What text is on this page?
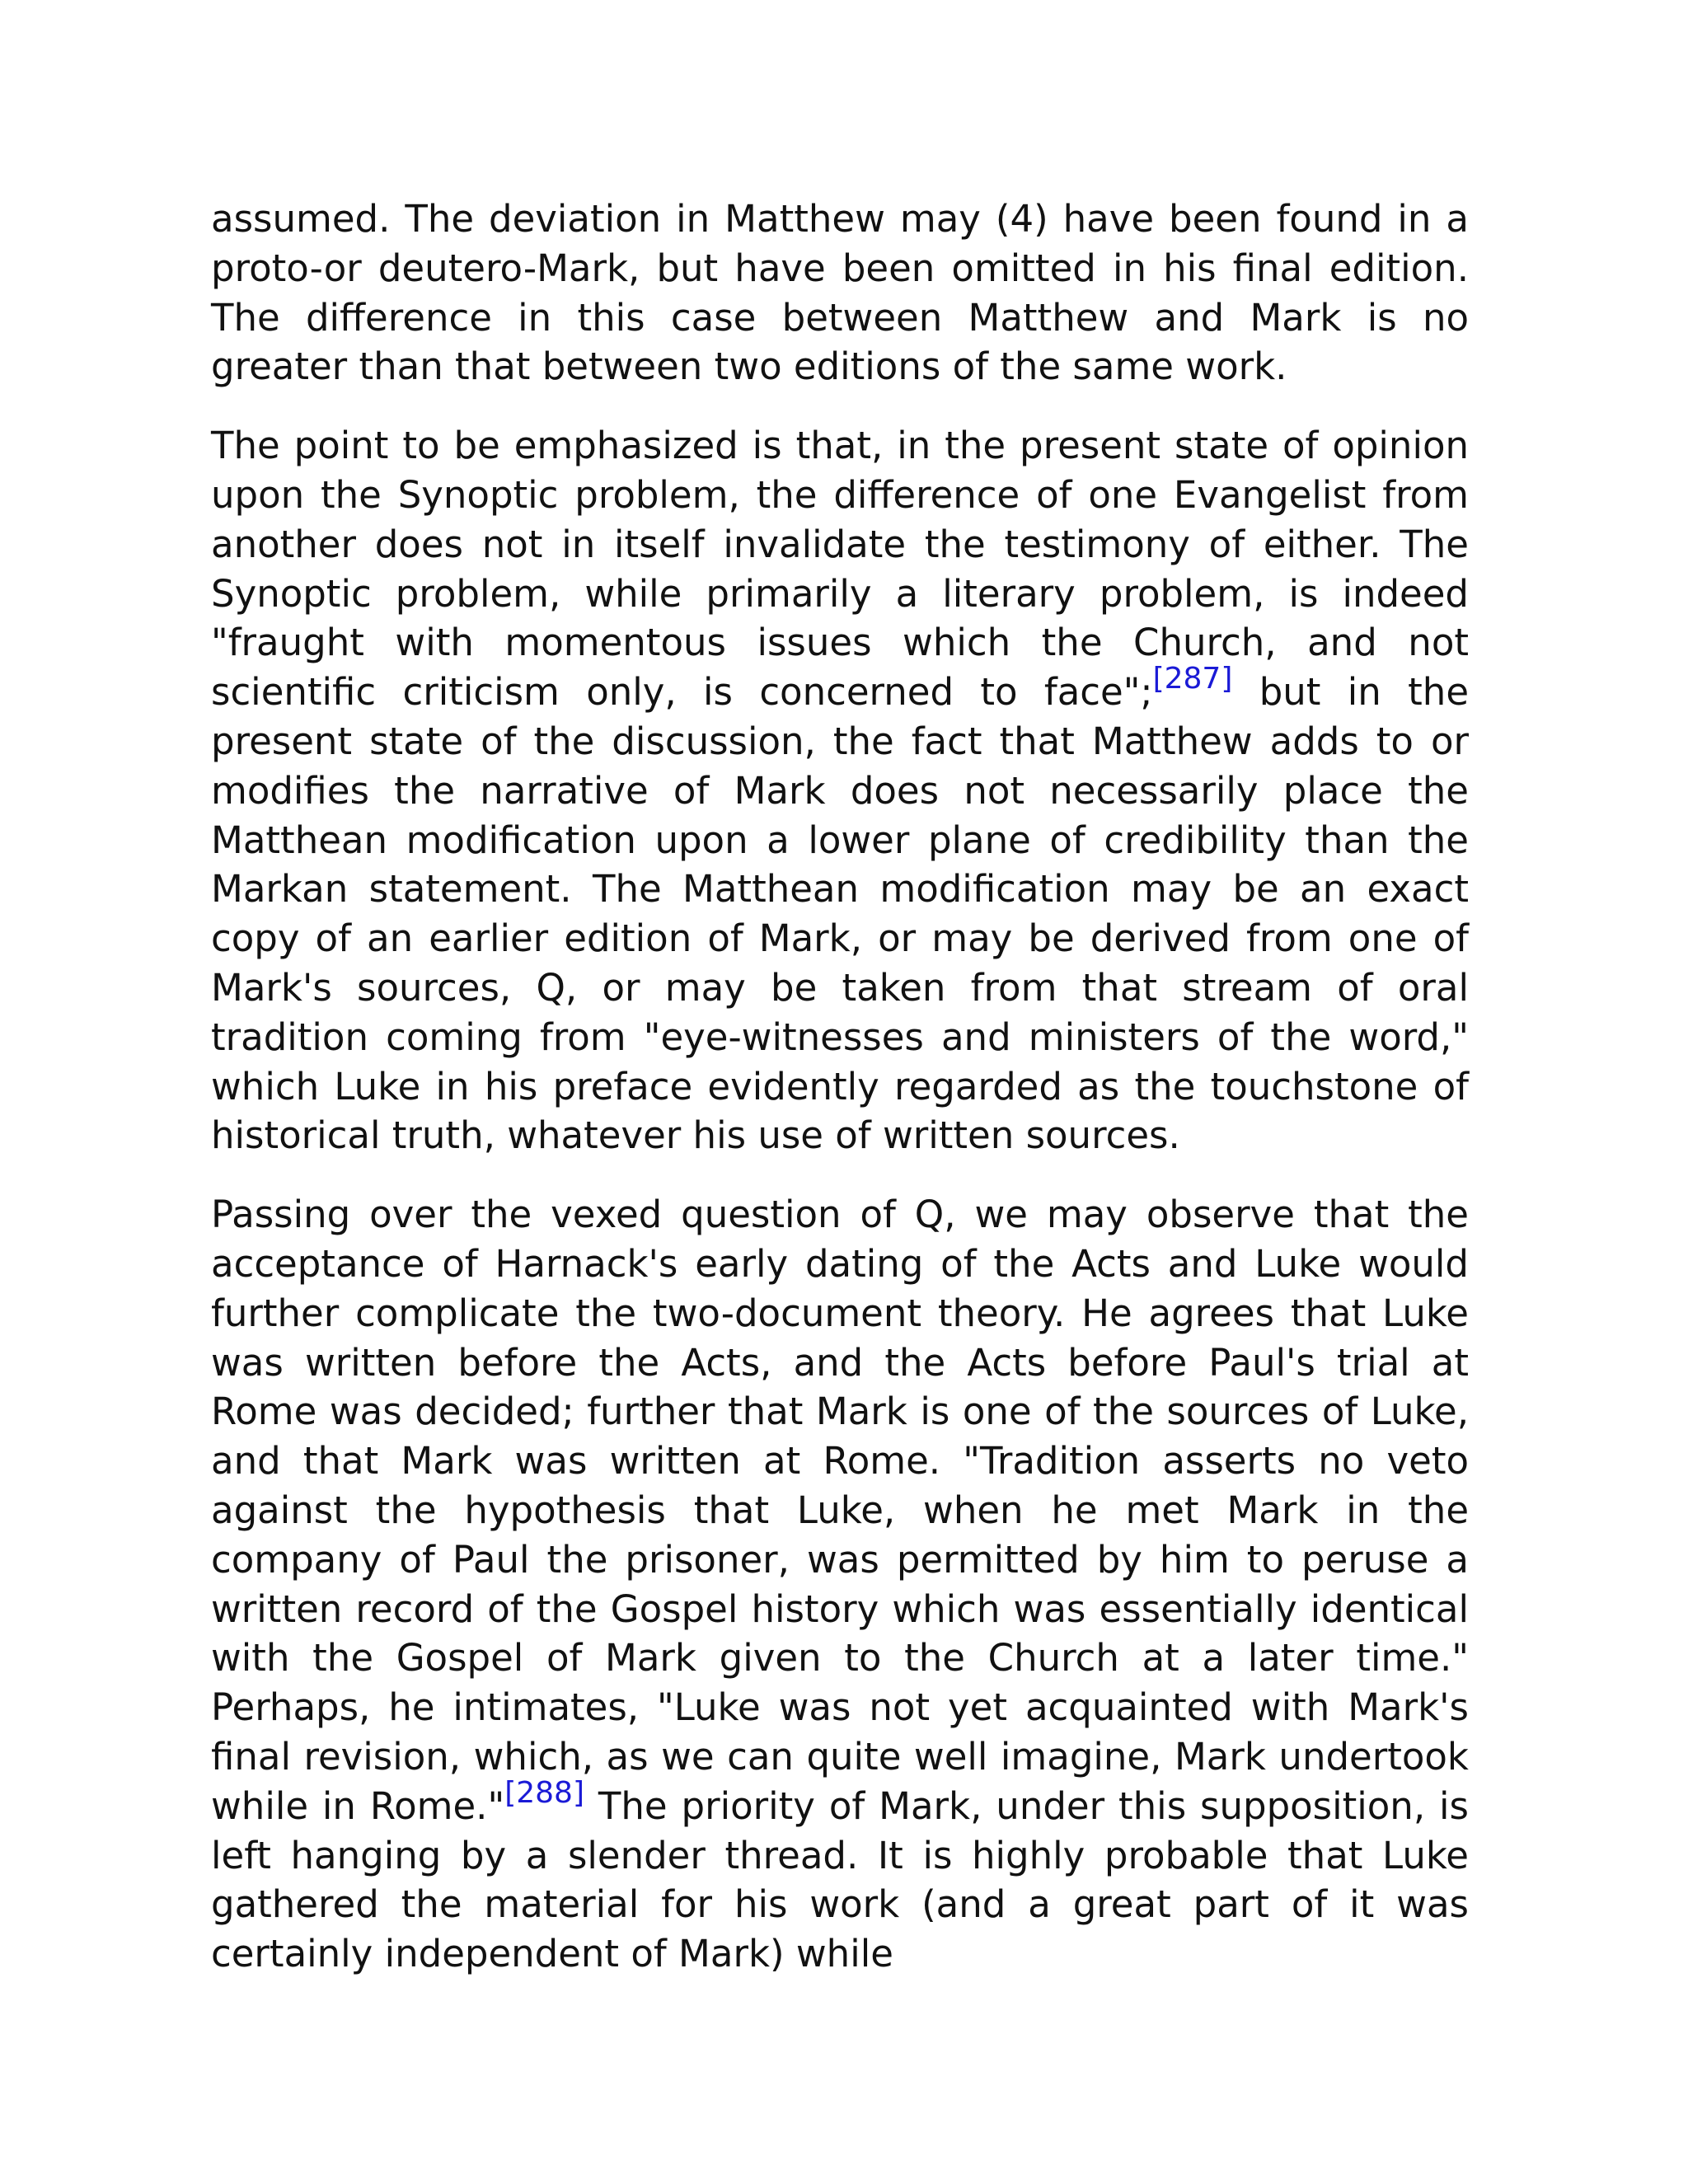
assumed. The deviation in Matthew may (4) have been found in a proto-or deutero-Mark, but have been omitted in his final edition. The difference in this case between Matthew and Mark is no greater than that between two editions of the same work.

The point to be emphasized is that, in the present state of opinion upon the Synoptic problem, the difference of one Evangelist from another does not in itself invalidate the testimony of either. The Synoptic problem, while primarily a literary problem, is indeed "fraught with momentous issues which the Church, and not scientific criticism only, is concerned to face";[287] but in the present state of the discussion, the fact that Matthew adds to or modifies the narrative of Mark does not necessarily place the Matthean modification upon a lower plane of credibility than the Markan statement. The Matthean modification may be an exact copy of an earlier edition of Mark, or may be derived from one of Mark's sources, Q, or may be taken from that stream of oral tradition coming from "eye-witnesses and ministers of the word," which Luke in his preface evidently regarded as the touchstone of historical truth, whatever his use of written sources.

Passing over the vexed question of Q, we may observe that the acceptance of Harnack's early dating of the Acts and Luke would further complicate the two-document theory. He agrees that Luke was written before the Acts, and the Acts before Paul's trial at Rome was decided; further that Mark is one of the sources of Luke, and that Mark was written at Rome. "Tradition asserts no veto against the hypothesis that Luke, when he met Mark in the company of Paul the prisoner, was permitted by him to peruse a written record of the Gospel history which was essentially identical with the Gospel of Mark given to the Church at a later time." Perhaps, he intimates, "Luke was not yet acquainted with Mark's final revision, which, as we can quite well imagine, Mark undertook while in Rome."[288] The priority of Mark, under this supposition, is left hanging by a slender thread. It is highly probable that Luke gathered the material for his work (and a great part of it was certainly independent of Mark) while
